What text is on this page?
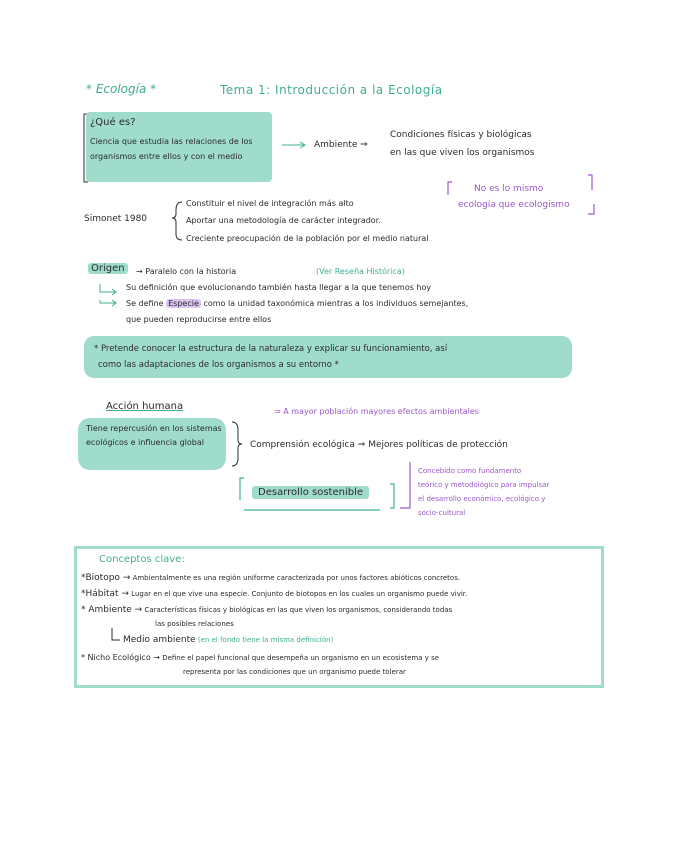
* Ecología *	Tema 1: Introducción a la Ecología
¿Qué es?
Ciencia que estudia las relaciones de los organismos entre ellos y con el medio
Ambiente ⇒
Condiciones físicas y biológicas
en las que viven los organismos
No es lo mismo
ecología que ecologismo
Simonet 1980
Constituir el nivel de integración más alto
Aportar una metodología de carácter integrador.
Creciente preocupación de la población por el medio natural
Origen	→ Paralelo con la historia	(Ver Reseña Histórica)
Su definición que evolucionando también hasta llegar a la que tenemos hoy
Se define Especie como la unidad taxonómica mientras a los individuos semejantes,
que pueden reproducirse entre ellos
* Pretende conocer la estructura de la naturaleza y explicar su funcionamiento, así
como las adaptaciones de los organismos a su entorno *
Acción humana	⇒ A mayor población mayores efectos ambientales
Tiene repercusión en los sistemas ecológicos e influencia global	Comprensión ecológica ⇒ Mejores políticas de protección
Desarrollo sostenible
Concebido como fundamento
teórico y metodológico para impulsar
el desarrollo económico, ecológico y
socio-cultural
Conceptos clave:
*Biotopo → Ambientalmente es una región uniforme caracterizada por unos factores abióticos concretos.
*Hábitat → Lugar en el que vive una especie. Conjunto de biotopos en los cuales un organismo puede vivir.
* Ambiente → Características físicas y biológicas en las que viven los organismos, considerando todas
las posibles relaciones
Medio ambiente (en el fondo tiene la misma definición)
* Nicho Ecológico → Define el papel funcional que desempeña un organismo en un ecosistema y se
representa por las condiciones que un organismo puede tolerar
